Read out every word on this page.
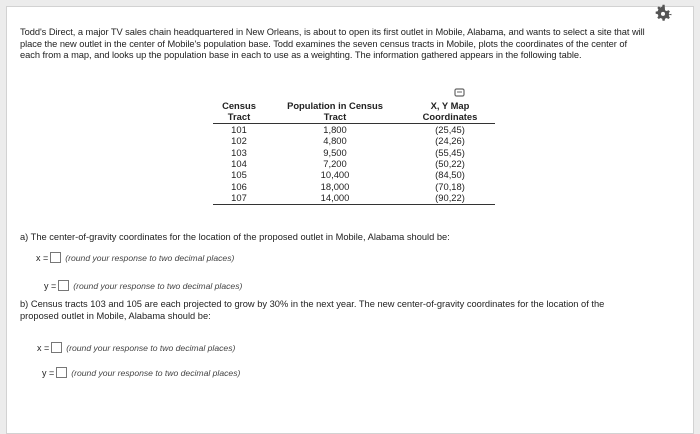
Todd's Direct, a major TV sales chain headquartered in New Orleans, is about to open its first outlet in Mobile, Alabama, and wants to select a site that will place the new outlet in the center of Mobile's population base. Todd examines the seven census tracts in Mobile, plots the coordinates of the center of each from a map, and looks up the population base in each to use as a weighting. The information gathered appears in the following table.
Census	Population in Census	X, Y Map
Tract	Tract	Coordinates
101	1,800	(25,45)
102	4,800	(24,26)
103	9,500	(55,45)
104	7,200	(50,22)
105	10,400	(84,50)
106	18,000	(70,18)
107	14,000	(90,22)
a) The center-of-gravity coordinates for the location of the proposed outlet in Mobile, Alabama should be:
x = (round your response to two decimal places)
y = (round your response to two decimal places)
b) Census tracts 103 and 105 are each projected to grow by 30% in the next year. The new center-of-gravity coordinates for the location of the proposed outlet in Mobile, Alabama should be:
x = (round your response to two decimal places)
y = (round your response to two decimal places)
